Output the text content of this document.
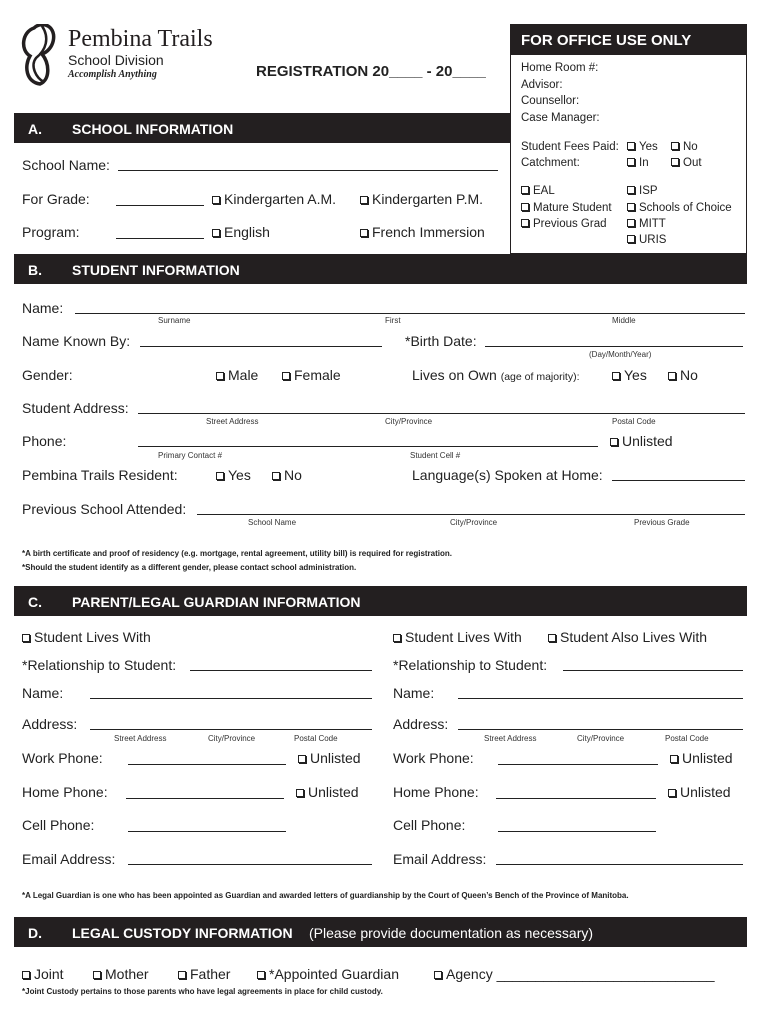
Pembina Trails
School Division
Accomplish Anything	REGISTRATION 20____ - 20____
FOR OFFICE USE ONLY
Home Room #:
Advisor:
Counsellor:
Case Manager:
Student Fees Paid:	Yes	No
Catchment:	In	Out
EAL	ISP
Mature Student	Schools of Choice
Previous Grad	MITT
URIS
A. SCHOOL INFORMATION
School Name:
For Grade:	Kindergarten A.M.	Kindergarten P.M.
Program:	English	French Immersion
B. STUDENT INFORMATION
Name:
Surname	First	Middle
Name Known By:	*Birth Date:
(Day/Month/Year)
Gender:	Male	Female	Lives on Own (age of majority):	Yes	No
Student Address:
Street Address	City/Province	Postal Code
Phone:	Unlisted
Primary Contact #	Student Cell #
Pembina Trails Resident:	Yes	No	Language(s) Spoken at Home:
Previous School Attended:
School Name	City/Province	Previous Grade
*A birth certificate and proof of residency (e.g. mortgage, rental agreement, utility bill) is required for registration.
*Should the student identify as a different gender, please contact school administration.
C. PARENT/LEGAL GUARDIAN INFORMATION
Student Lives With	Student Lives With	Student Also Lives With
*Relationship to Student:
Name:
Address:
Street Address	City/Province	Postal Code
Work Phone:	Unlisted
Home Phone:	Unlisted
Cell Phone:
Email Address:
*Relationship to Student:
Name:
Address:
Street Address	City/Province	Postal Code
Work Phone:	Unlisted
Home Phone:	Unlisted
Cell Phone:
Email Address:
*A Legal Guardian is one who has been appointed as Guardian and awarded letters of guardianship by the Court of Queen’s Bench of the Province of Manitoba.
D. LEGAL CUSTODY INFORMATION (Please provide documentation as necessary)
Joint	Mother	Father	*Appointed Guardian	Agency ____________________________
*Joint Custody pertains to those parents who have legal agreements in place for child custody.
